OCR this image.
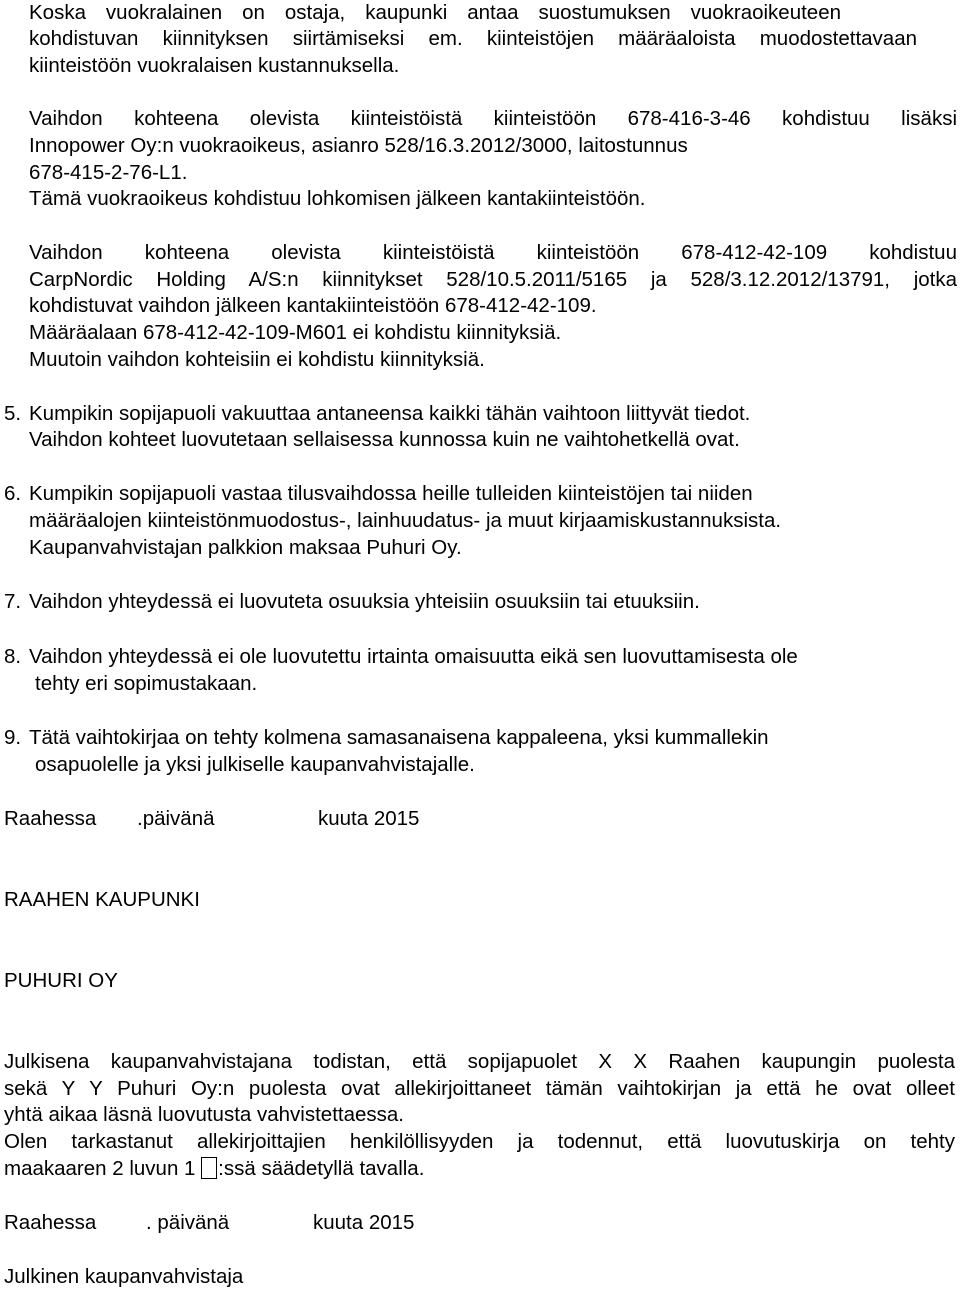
Koska vuokralainen on ostaja, kaupunki antaa suostumuksen vuokraoikeuteen
kohdistuvan kiinnityksen siirtämiseksi em. kiinteistöjen määräaloista muodostettavaan
kiinteistöön vuokralaisen kustannuksella.
Vaihdon kohteena olevista kiinteistöistä kiinteistöön 678-416-3-46 kohdistuu lisäksi
Innopower Oy:n vuokraoikeus, asianro 528/16.3.2012/3000, laitostunnus
678-415-2-76-L1.
Tämä vuokraoikeus kohdistuu lohkomisen jälkeen kantakiinteistöön.
Vaihdon kohteena olevista kiinteistöistä kiinteistöön 678-412-42-109 kohdistuu
CarpNordic Holding A/S:n kiinnitykset 528/10.5.2011/5165 ja 528/3.12.2012/13791, jotka
kohdistuvat vaihdon jälkeen kantakiinteistöön 678-412-42-109.
Määräalaan 678-412-42-109-M601 ei kohdistu kiinnityksiä.
Muutoin vaihdon kohteisiin ei kohdistu kiinnityksiä.
5. Kumpikin sopijapuoli vakuuttaa antaneensa kaikki tähän vaihtoon liittyvät tiedot.
Vaihdon kohteet luovutetaan sellaisessa kunnossa kuin ne vaihtohetkellä ovat.
6. Kumpikin sopijapuoli vastaa tilusvaihdossa heille tulleiden kiinteistöjen tai niiden
määräalojen kiinteistönmuodostus-, lainhuudatus- ja muut kirjaamiskustannuksista.
Kaupanvahvistajan palkkion maksaa Puhuri Oy.
7. Vaihdon yhteydessä ei luovuteta osuuksia yhteisiin osuuksiin tai etuuksiin.
8. Vaihdon yhteydessä ei ole luovutettu irtainta omaisuutta eikä sen luovuttamisesta ole
tehty eri sopimustakaan.
9. Tätä vaihtokirjaa on tehty kolmena samasanaisena kappaleena, yksi kummallekin
osapuolelle ja yksi julkiselle kaupanvahvistajalle.
Raahessa .päivänä	kuuta 2015
RAAHEN KAUPUNKI
PUHURI OY
Julkisena kaupanvahvistajana todistan, että sopijapuolet X X Raahen kaupungin puolesta
sekä Y Y Puhuri Oy:n puolesta ovat allekirjoittaneet tämän vaihtokirjan ja että he ovat olleet
yhtä aikaa läsnä luovutusta vahvistettaessa.
Olen tarkastanut allekirjoittajien henkilöllisyyden ja todennut, että luovutuskirja on tehty
maakaaren 2 luvun 1 :ssä säädetyllä tavalla.
Raahessa . päivänä	kuuta 2015
Julkinen kaupanvahvistaja
